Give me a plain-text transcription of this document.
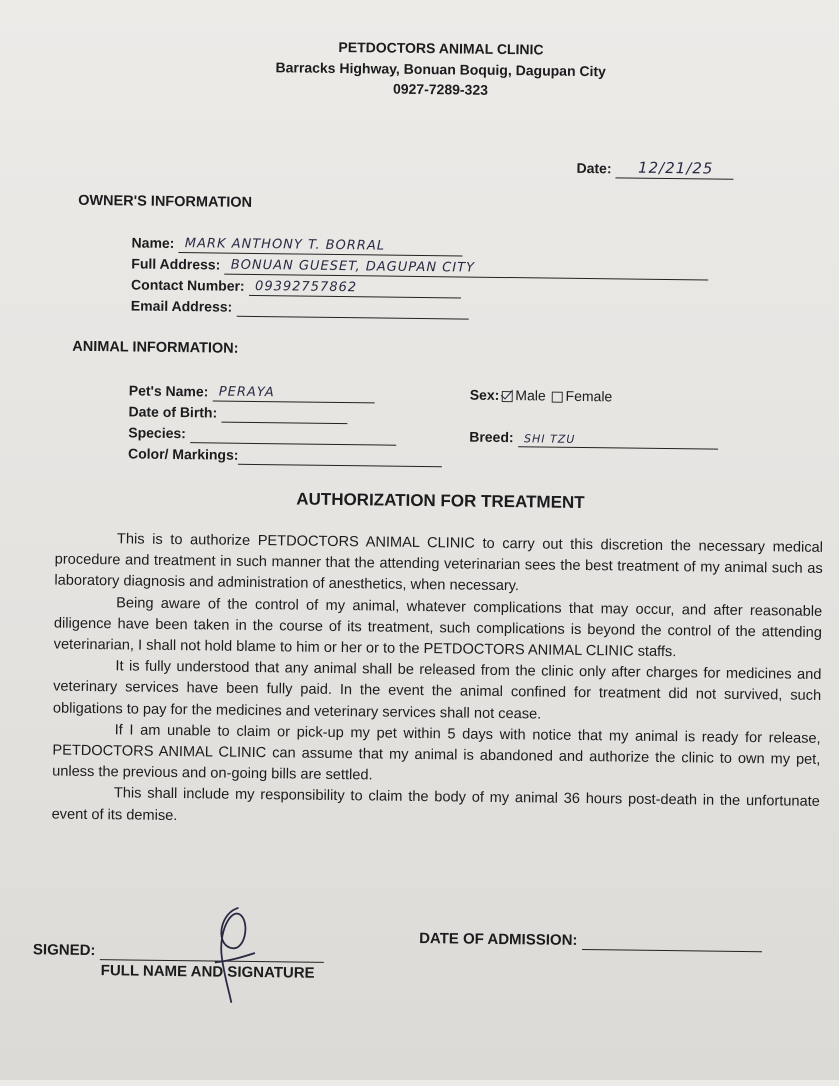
PETDOCTORS ANIMAL CLINIC
Barracks Highway, Bonuan Boquig, Dagupan City
0927-7289-323
Date: 12/21/25
OWNER'S INFORMATION
Name: MARK ANTHONY T. BORRAL
Full Address: BONUAN GUESET, DAGUPAN CITY
Contact Number: 09392757862
Email Address:
ANIMAL INFORMATION:
Pet's Name: PERAYA
Date of Birth:
Species:
Color/ Markings:
Sex: Male Female
Breed: SHI TZU
AUTHORIZATION FOR TREATMENT

This is to authorize PETDOCTORS ANIMAL CLINIC to carry out this discretion the necessary medical procedure and treatment in such manner that the attending veterinarian sees the best treatment of my animal such as laboratory diagnosis and administration of anesthetics, when necessary.

Being aware of the control of my animal, whatever complications that may occur, and after reasonable diligence have been taken in the course of its treatment, such complications is beyond the control of the attending veterinarian, I shall not hold blame to him or her or to the PETDOCTORS ANIMAL CLINIC staffs.

It is fully understood that any animal shall be released from the clinic only after charges for medicines and veterinary services have been fully paid. In the event the animal confined for treatment did not survived, such obligations to pay for the medicines and veterinary services shall not cease.

If I am unable to claim or pick-up my pet within 5 days with notice that my animal is ready for release, PETDOCTORS ANIMAL CLINIC can assume that my animal is abandoned and authorize the clinic to own my pet, unless the previous and on-going bills are settled.

This shall include my responsibility to claim the body of my animal 36 hours post-death in the unfortunate event of its demise.

SIGNED:
FULL NAME AND SIGNATURE
DATE OF ADMISSION:
